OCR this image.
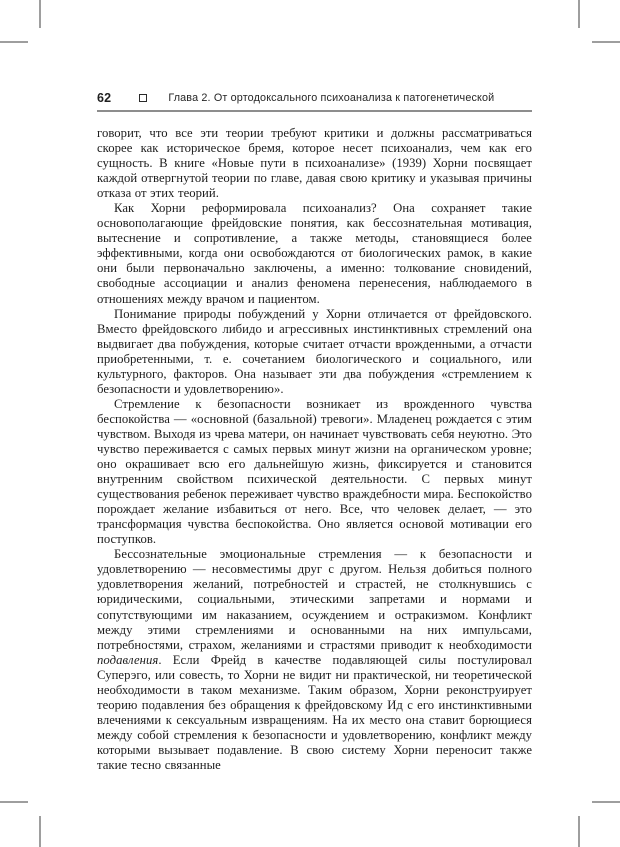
62	Глава 2. От ортодоксального психоанализа к патогенетической

говорит, что все эти теории требуют критики и должны рассматриваться скорее как историческое бремя, которое несет психоанализ, чем как его сущность. В книге «Новые пути в психоанализе» (1939) Хорни посвящает каждой отвергнутой теории по главе, давая свою критику и указывая причины отказа от этих теорий.

Как Хорни реформировала психоанализ? Она сохраняет такие основополагающие фрейдовские понятия, как бессознательная мотивация, вытеснение и сопротивление, а также методы, становящиеся более эффективными, когда они освобождаются от биологических рамок, в какие они были первоначально заключены, а именно: толкование сновидений, свободные ассоциации и анализ феномена перенесения, наблюдаемого в отношениях между врачом и пациентом.

Понимание природы побуждений у Хорни отличается от фрейдовского. Вместо фрейдовского либидо и агрессивных инстинктивных стремлений она выдвигает два побуждения, которые считает отчасти врожденными, а отчасти приобретенными, т. е. сочетанием биологического и социального, или культурного, факторов. Она называет эти два побуждения «стремлением к безопасности и удовлетворению».

Стремление к безопасности возникает из врожденного чувства беспокойства — «основной (базальной) тревоги». Младенец рождается с этим чувством. Выходя из чрева матери, он начинает чувствовать себя неуютно. Это чувство переживается с самых первых минут жизни на органическом уровне; оно окрашивает всю его дальнейшую жизнь, фиксируется и становится внутренним свойством психической деятельности. С первых минут существования ребенок переживает чувство враждебности мира. Беспокойство порождает желание избавиться от него. Все, что человек делает, — это трансформация чувства беспокойства. Оно является основой мотивации его поступков.

Бессознательные эмоциональные стремления — к безопасности и удовлетворению — несовместимы друг с другом. Нельзя добиться полного удовлетворения желаний, потребностей и страстей, не столкнувшись с юридическими, социальными, этическими запретами и нормами и сопутствующими им наказанием, осуждением и остракизмом. Конфликт между этими стремлениями и основанными на них импульсами, потребностями, страхом, желаниями и страстями приводит к необходимости подавления. Если Фрейд в качестве подавляющей силы постулировал Суперэго, или совесть, то Хорни не видит ни практической, ни теоретической необходимости в таком механизме. Таким образом, Хорни реконструирует теорию подавления без обращения к фрейдовскому Ид с его инстинктивными влечениями к сексуальным извращениям. На их место она ставит борющиеся между собой стремления к безопасности и удовлетворению, конфликт между которыми вызывает подавление. В свою систему Хорни переносит также такие тесно связанные
